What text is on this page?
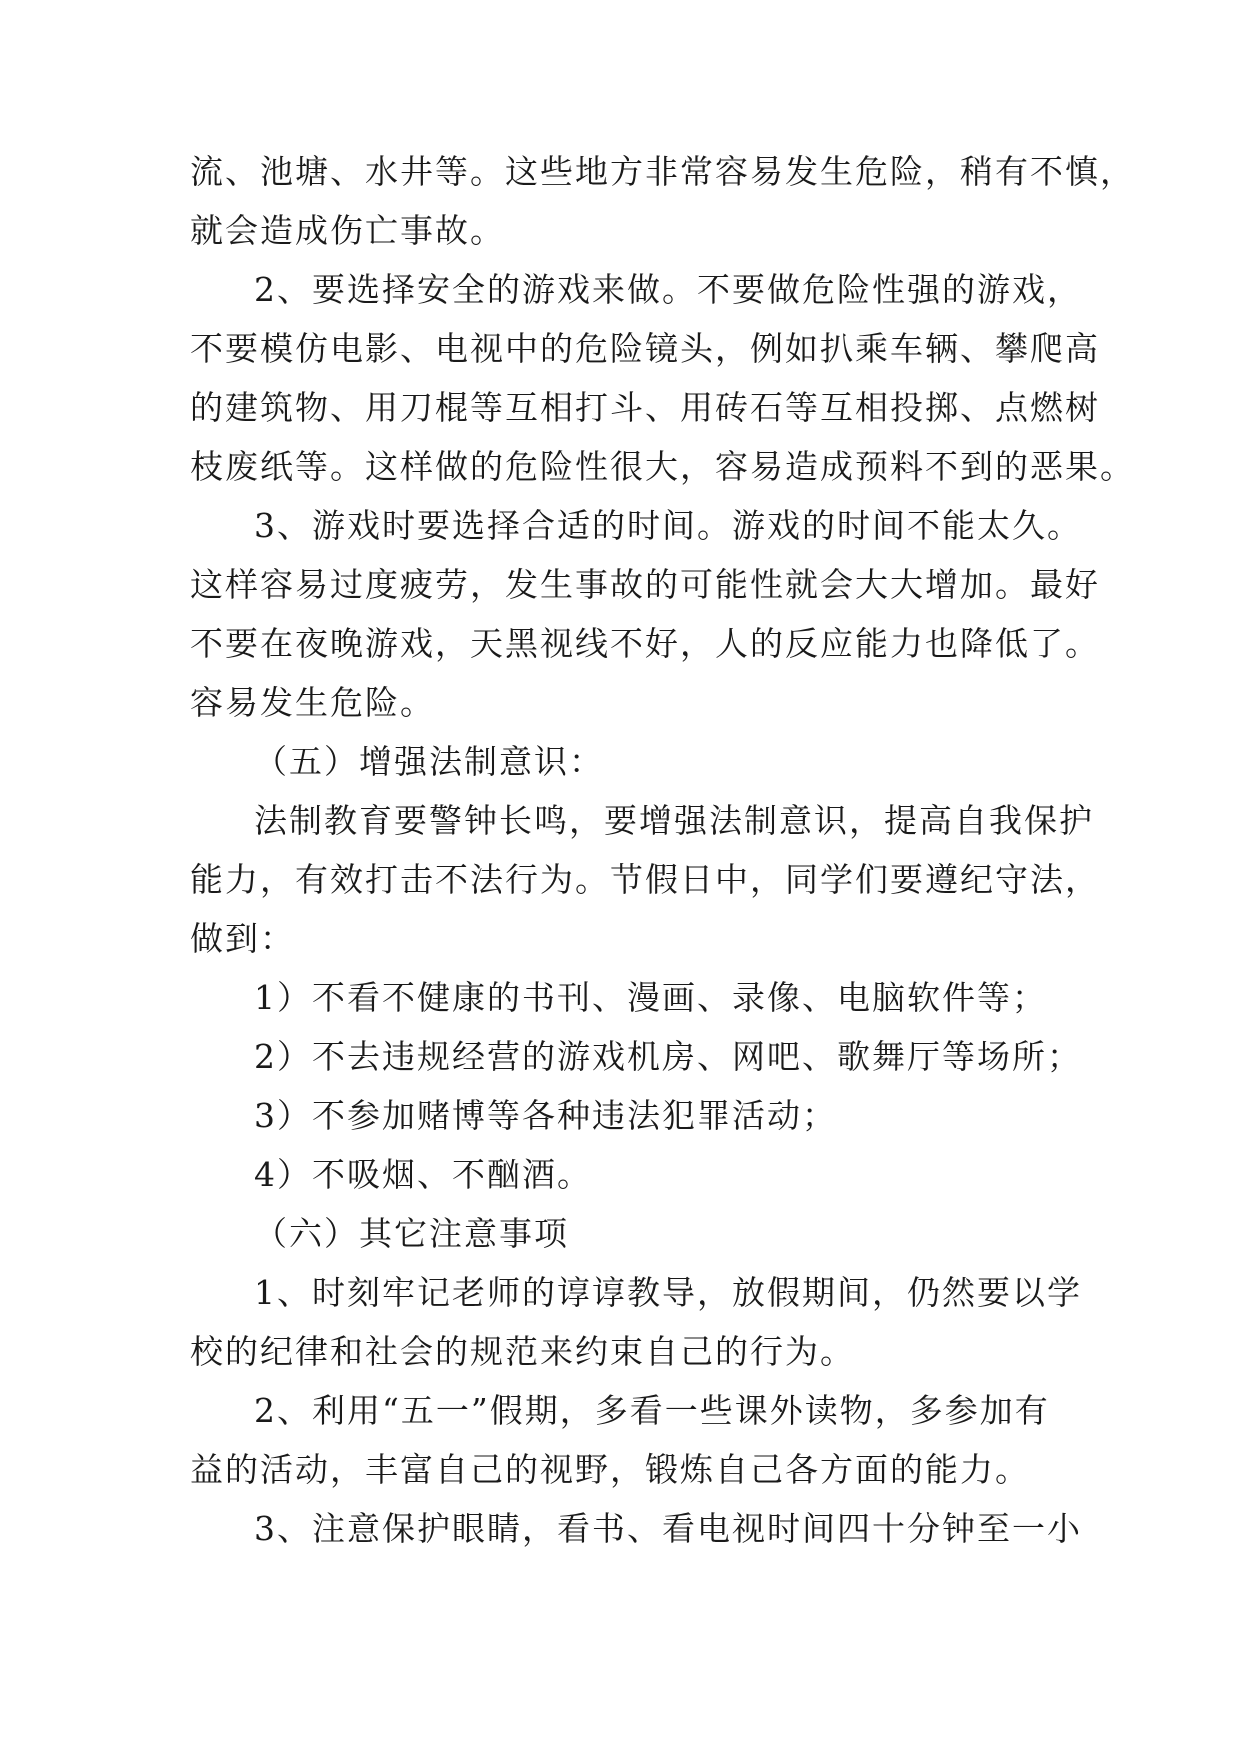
流、池塘、水井等。这些地方非常容易发生危险，稍有不慎，
就会造成伤亡事故。
2、要选择安全的游戏来做。不要做危险性强的游戏，
不要模仿电影、电视中的危险镜头，例如扒乘车辆、攀爬高
的建筑物、用刀棍等互相打斗、用砖石等互相投掷、点燃树
枝废纸等。这样做的危险性很大，容易造成预料不到的恶果。
3、游戏时要选择合适的时间。游戏的时间不能太久。
这样容易过度疲劳，发生事故的可能性就会大大增加。最好
不要在夜晚游戏，天黑视线不好，人的反应能力也降低了。
容易发生危险。
（五）增强法制意识：
法制教育要警钟长鸣，要增强法制意识，提高自我保护
能力，有效打击不法行为。节假日中，同学们要遵纪守法，
做到：
1）不看不健康的书刊、漫画、录像、电脑软件等；
2）不去违规经营的游戏机房、网吧、歌舞厅等场所；
3）不参加赌博等各种违法犯罪活动；
4）不吸烟、不酗酒。
（六）其它注意事项
1、时刻牢记老师的谆谆教导，放假期间，仍然要以学
校的纪律和社会的规范来约束自己的行为。
2、利用“五一”假期，多看一些课外读物，多参加有
益的活动，丰富自己的视野，锻炼自己各方面的能力。
3、注意保护眼睛，看书、看电视时间四十分钟至一小
